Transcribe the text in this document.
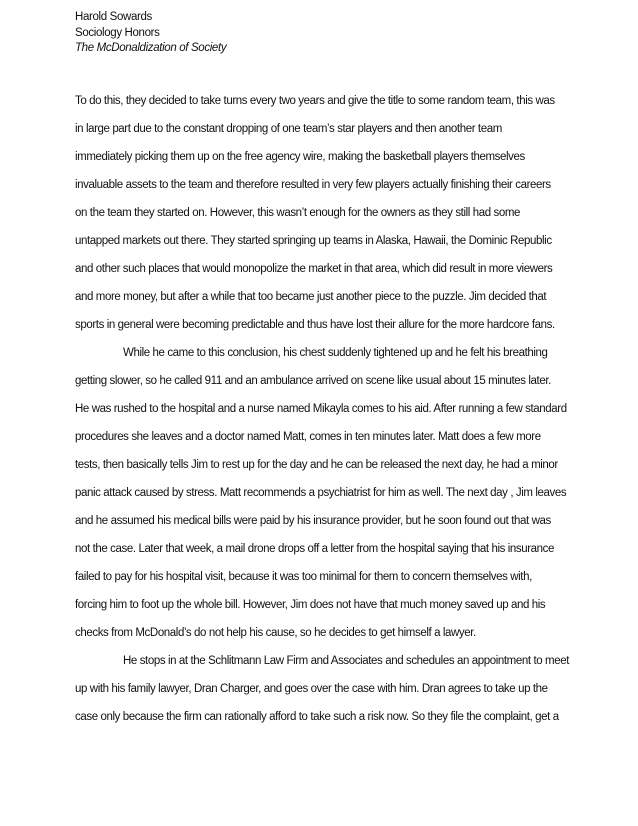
Harold Sowards
Sociology Honors
The McDonaldization of Society
To do this, they decided to take turns every two years and give the title to some random team, this was
in large part due to the constant dropping of one team’s star players and then another team
immediately picking them up on the free agency wire, making the basketball players themselves
invaluable assets to the team and therefore resulted in very few players actually finishing their careers
on the team they started on. However, this wasn’t enough for the owners as they still had some
untapped markets out there. They started springing up teams in Alaska, Hawaii, the Dominic Republic
and other such places that would monopolize the market in that area, which did result in more viewers
and more money, but after a while that too became just another piece to the puzzle. Jim decided that
sports in general were becoming predictable and thus have lost their allure for the more hardcore fans.
While he came to this conclusion, his chest suddenly tightened up and he felt his breathing
getting slower, so he called 911 and an ambulance arrived on scene like usual about 15 minutes later.
He was rushed to the hospital and a nurse named Mikayla comes to his aid. After running a few standard
procedures she leaves and a doctor named Matt, comes in ten minutes later. Matt does a few more
tests, then basically tells Jim to rest up for the day and he can be released the next day, he had a minor
panic attack caused by stress. Matt recommends a psychiatrist for him as well. The next day , Jim leaves
and he assumed his medical bills were paid by his insurance provider, but he soon found out that was
not the case. Later that week, a mail drone drops off a letter from the hospital saying that his insurance
failed to pay for his hospital visit, because it was too minimal for them to concern themselves with,
forcing him to foot up the whole bill. However, Jim does not have that much money saved up and his
checks from McDonald’s do not help his cause, so he decides to get himself a lawyer.
He stops in at the Schlitmann Law Firm and Associates and schedules an appointment to meet
up with his family lawyer, Dran Charger, and goes over the case with him. Dran agrees to take up the
case only because the firm can rationally afford to take such a risk now. So they file the complaint, get a
